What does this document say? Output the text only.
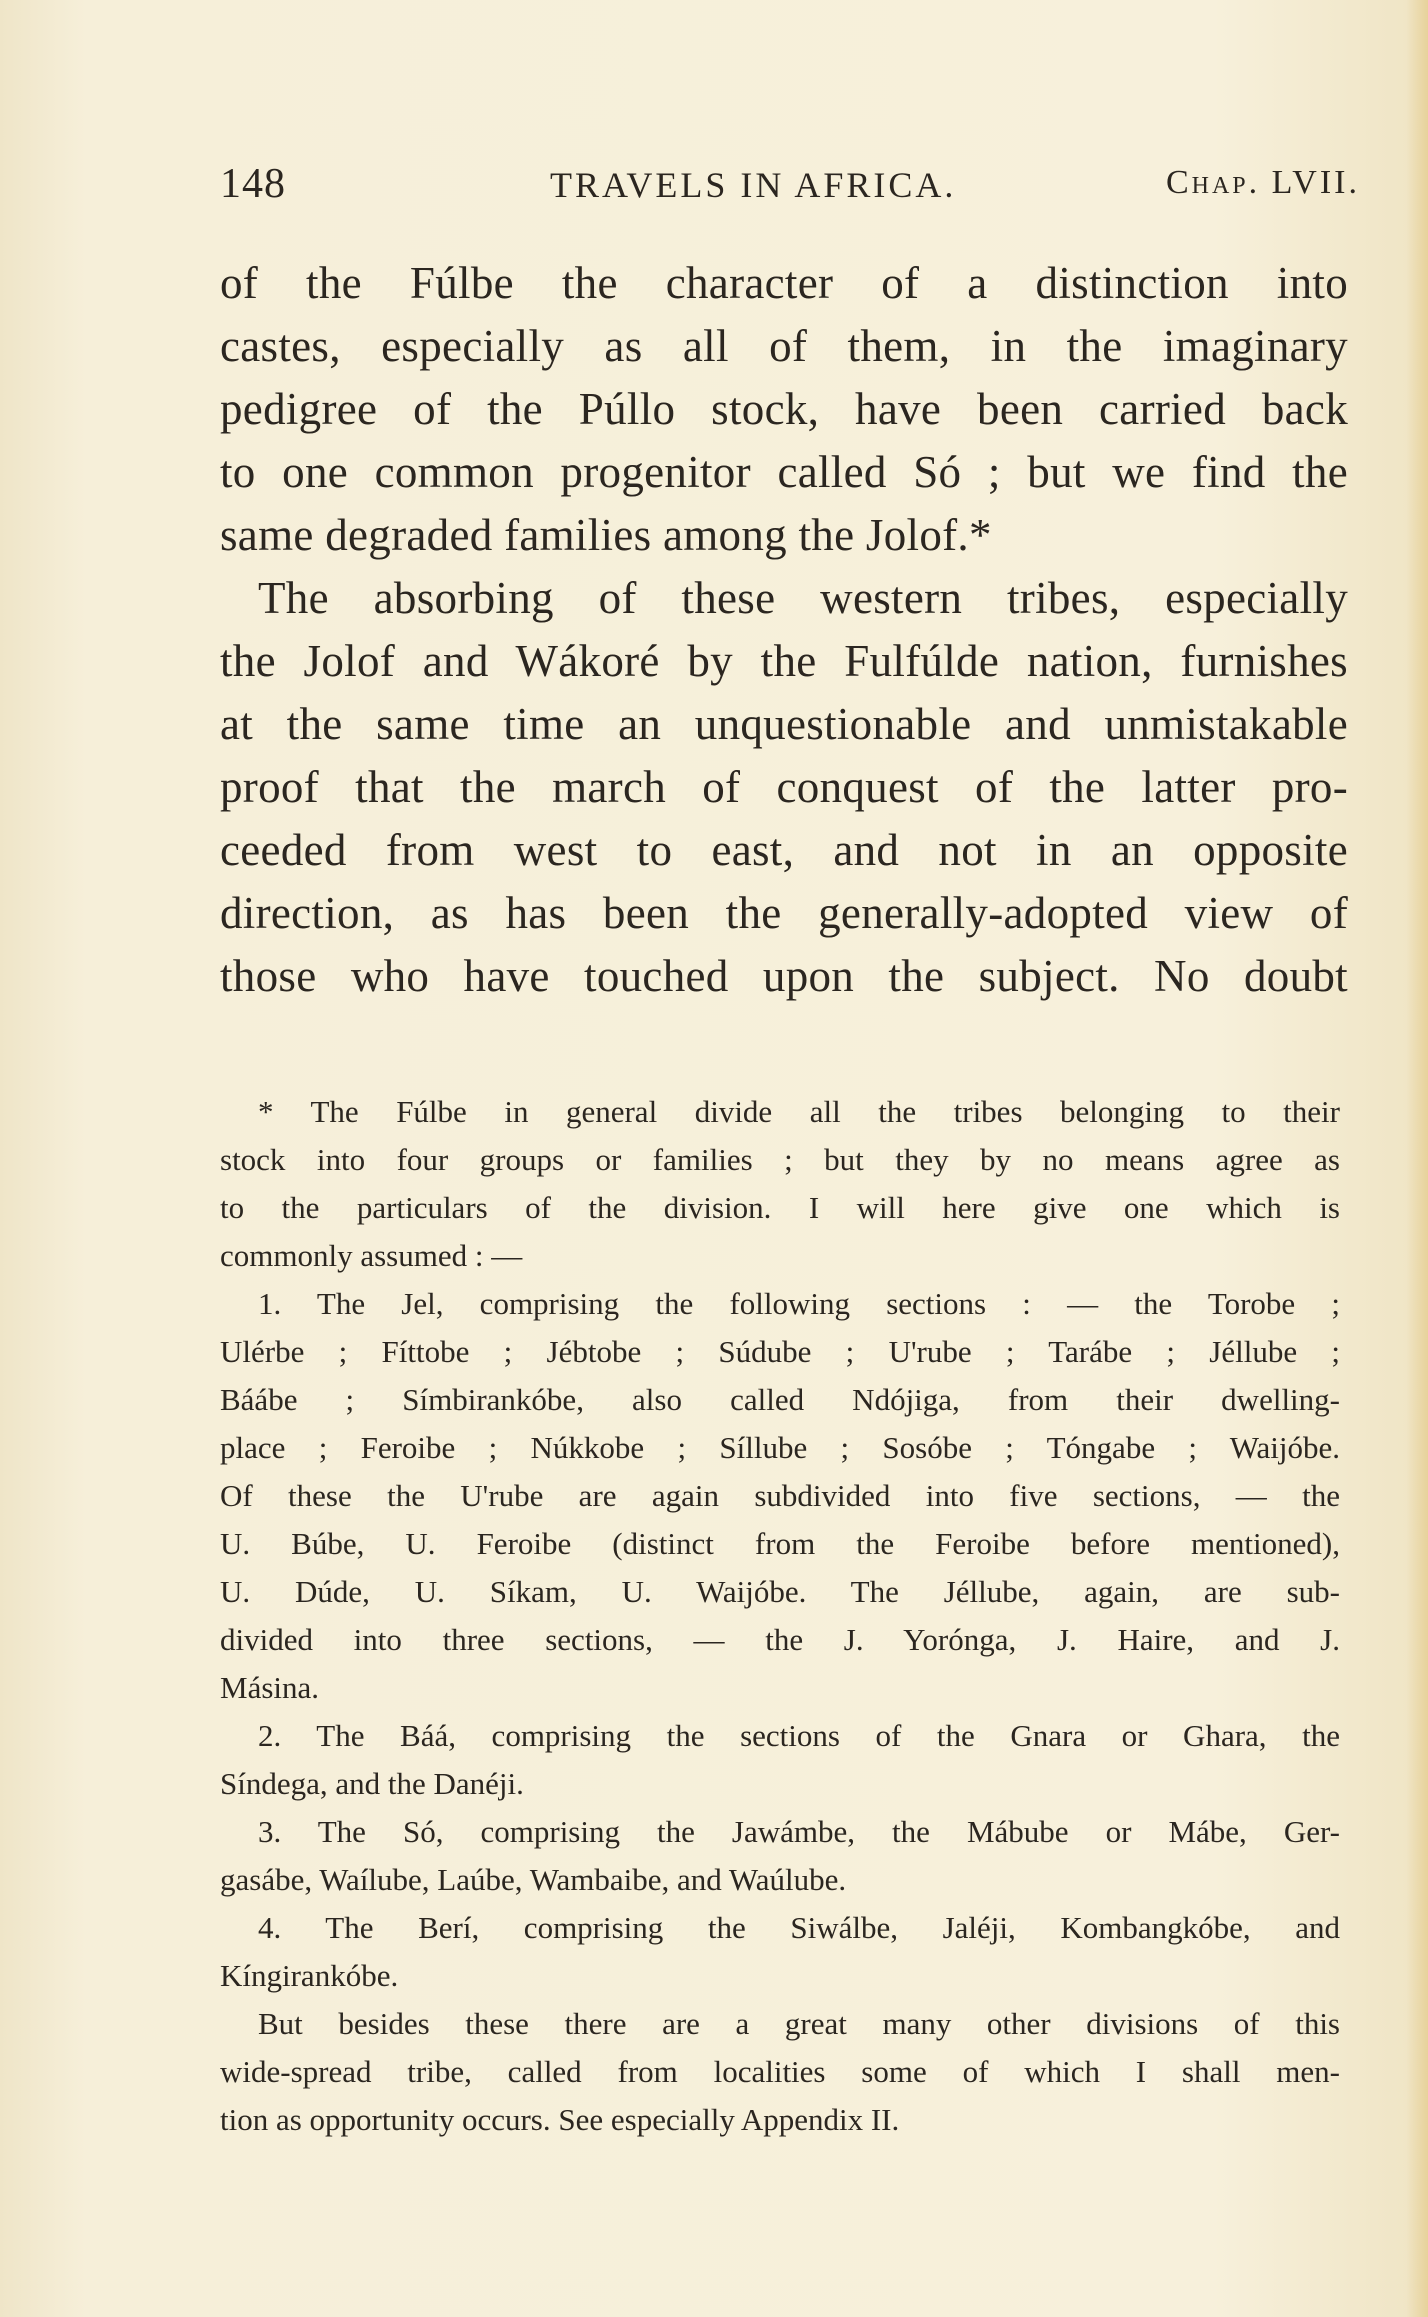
148	TRAVELS IN AFRICA.	Chap. LVII.
of the Fúlbe the character of a distinction into
castes, especially as all of them, in the imaginary
pedigree of the Púllo stock, have been carried back
to one common progenitor called Só ; but we find the
same degraded families among the Jolof.*
The absorbing of these western tribes, especially
the Jolof and Wákoré by the Fulfúlde nation, furnishes
at the same time an unquestionable and unmistakable
proof that the march of conquest of the latter pro-
ceeded from west to east, and not in an opposite
direction, as has been the generally-adopted view of
those who have touched upon the subject. No doubt
* The Fúlbe in general divide all the tribes belonging to their
stock into four groups or families ; but they by no means agree as
to the particulars of the division. I will here give one which is
commonly assumed : —
1. The Jel, comprising the following sections : — the Torobe ;
Ulérbe ; Fíttobe ; Jébtobe ; Súdube ; U'rube ; Tarábe ; Jéllube ;
Báábe ; Símbirankóbe, also called Ndójiga, from their dwelling-
place ; Feroibe ; Núkkobe ; Síllube ; Sosóbe ; Tóngabe ; Waijóbe.
Of these the U'rube are again subdivided into five sections, — the
U. Búbe, U. Feroibe (distinct from the Feroibe before mentioned),
U. Dúde, U. Síkam, U. Waijóbe. The Jéllube, again, are sub-
divided into three sections, — the J. Yorónga, J. Haire, and J.
Másina.
2. The Báá, comprising the sections of the Gnara or Ghara, the
Síndega, and the Danéji.
3. The Só, comprising the Jawámbe, the Mábube or Mábe, Ger-
gasábe, Waílube, Laúbe, Wambaibe, and Waúlube.
4. The Berí, comprising the Siwálbe, Jaléji, Kombangkóbe, and
Kíngirankóbe.
But besides these there are a great many other divisions of this
wide-spread tribe, called from localities some of which I shall men-
tion as opportunity occurs. See especially Appendix II.
